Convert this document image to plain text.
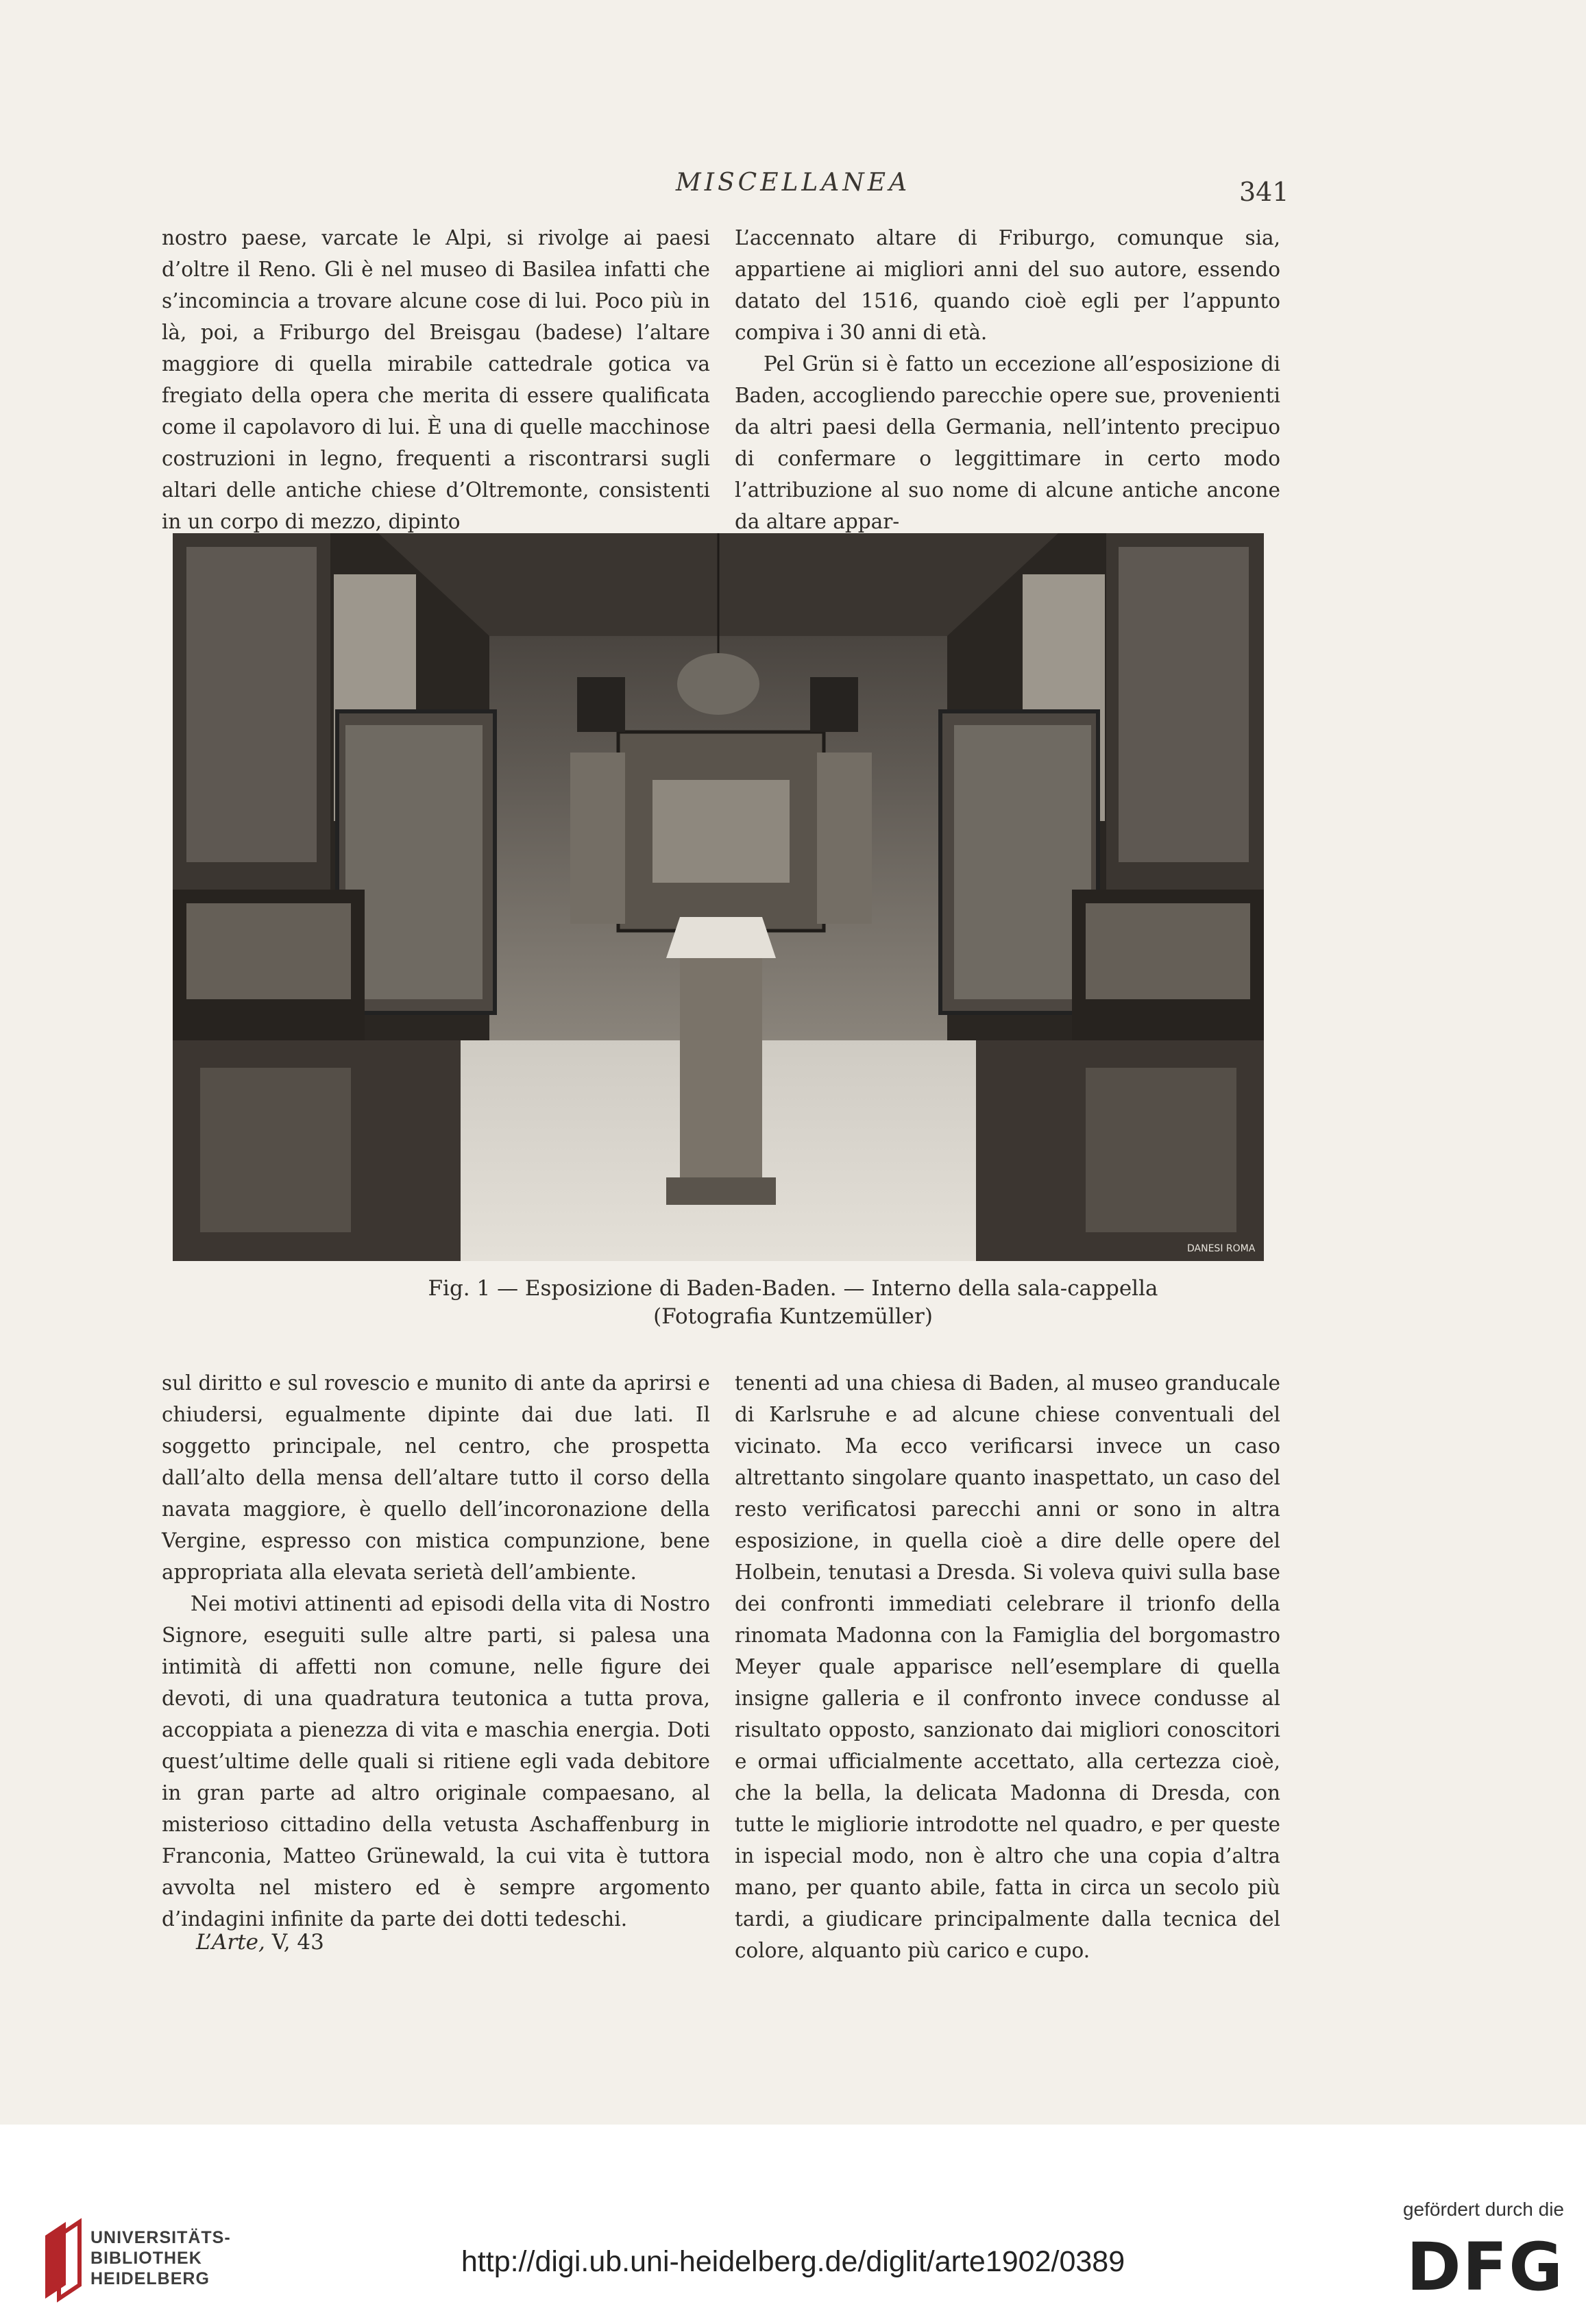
MISCELLANEA	341

nostro paese, varcate le Alpi, si rivolge ai paesi d’oltre il Reno. Gli è nel museo di Basilea infatti che s’incomincia a trovare alcune cose di lui. Poco più in là, poi, a Friburgo del Breisgau (badese) l’altare maggiore di quella mirabile cattedrale gotica va fregiato della opera che merita di essere qualificata come il capolavoro di lui. È una di quelle macchinose costruzioni in legno, frequenti a riscontrarsi sugli altari delle antiche chiese d’Oltremonte, consistenti in un corpo di mezzo, dipinto

L’accennato altare di Friburgo, comunque sia, appartiene ai migliori anni del suo autore, essendo datato del 1516, quando cioè egli per l’appunto compiva i 30 anni di età.

Pel Grün si è fatto un eccezione all’esposizione di Baden, accogliendo parecchie opere sue, provenienti da altri paesi della Germania, nell’intento precipuo di confermare o leggittimare in certo modo l’attribuzione al suo nome di alcune antiche ancone da altare appar-

DANESI ROMA
Fig. 1 — Esposizione di Baden-Baden. — Interno della sala-cappella
(Fotografia Kuntzemüller)

sul diritto e sul rovescio e munito di ante da aprirsi e chiudersi, egualmente dipinte dai due lati. Il soggetto principale, nel centro, che prospetta dall’alto della mensa dell’altare tutto il corso della navata maggiore, è quello dell’incoronazione della Vergine, espresso con mistica compunzione, bene appropriata alla elevata serietà dell’ambiente.

Nei motivi attinenti ad episodi della vita di Nostro Signore, eseguiti sulle altre parti, si palesa una intimità di affetti non comune, nelle figure dei devoti, di una quadratura teutonica a tutta prova, accoppiata a pienezza di vita e maschia energia. Doti quest’ultime delle quali si ritiene egli vada debitore in gran parte ad altro originale compaesano, al misterioso cittadino della vetusta Aschaffenburg in Franconia, Matteo Grünewald, la cui vita è tuttora avvolta nel mistero ed è sempre argomento d’indagini infinite da parte dei dotti tedeschi.

tenenti ad una chiesa di Baden, al museo granducale di Karlsruhe e ad alcune chiese conventuali del vicinato. Ma ecco verificarsi invece un caso altrettanto singolare quanto inaspettato, un caso del resto verificatosi parecchi anni or sono in altra esposizione, in quella cioè a dire delle opere del Holbein, tenutasi a Dresda. Si voleva quivi sulla base dei confronti immediati celebrare il trionfo della rinomata Madonna con la Famiglia del borgomastro Meyer quale apparisce nell’esemplare di quella insigne galleria e il confronto invece condusse al risultato opposto, sanzionato dai migliori conoscitori e ormai ufficialmente accettato, alla certezza cioè, che la bella, la delicata Madonna di Dresda, con tutte le migliorie introdotte nel quadro, e per queste in ispecial modo, non è altro che una copia d’altra mano, per quanto abile, fatta in circa un secolo più tardi, a giudicare principalmente dalla tecnica del colore, alquanto più carico e cupo.

L’Arte, V, 43
UNIVERSITÄTS-
BIBLIOTHEK
HEIDELBERG
http://digi.ub.uni-heidelberg.de/diglit/arte1902/0389
gefördert durch die
DFG
